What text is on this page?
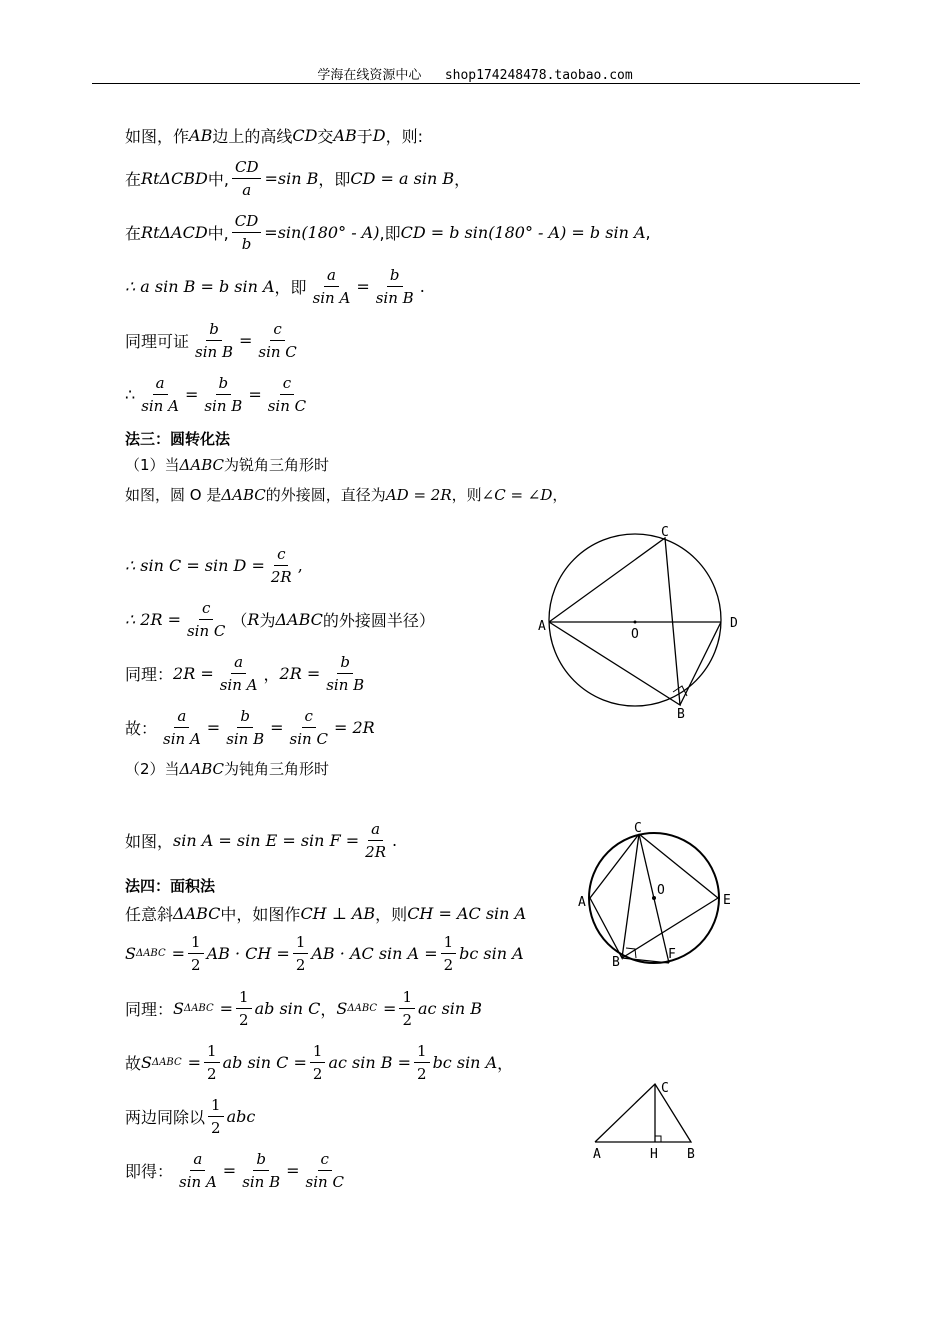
学海在线资源中心 shop174248478.taobao.com
如图，作 AB 边上的高线 CD 交 AB 于 D ，则:
在 RtΔCBD 中, $\frac{CD}{a} =\sin$ B ，即 CD = a sin B ，
在 RtΔACD 中, $\frac{CD}{b} =\sin(180^\circ - A)$ ,即 CD = b sin(180° - A) = b sin A ,
∴ a sin B = b sin A ，即 $\frac{a}{\text{sin A}} = \frac{b}{\text{sin B}}$ .
同理可证 $\frac{b}{\text{sin B}} = \frac{c}{\text{sin C}}$
∴ $\frac{a}{\text{sin A}} = \frac{b}{\text{sin B}} = \frac{c}{\text{sin C}}$
法三：圆转化法
（1）当 ΔABC 为锐角三角形时
如图，圆 O 是 ΔABC 的外接圆，直径为 AD = 2R ，则 ∠C = ∠D ，
∴ $\sin C = \sin D = \frac{c}{2R}$ ,
∴ $2R = \frac{c}{\text{sin C}}$ （ R 为 ΔABC 的外接圆半径）
同理： $2R = \frac{a}{\text{sin A}}$ ， $2R = \frac{b}{\text{sin B}}$
故： $\frac{a}{\text{sin A}} = \frac{b}{\text{sin B}} = \frac{c}{\text{sin C}} = 2R$
（2）当 ΔABC 为钝角三角形时
如图， $\sin A = \sin E = \sin F = \frac{a}{2R}$ .
法四：面积法
任意斜 ΔABC 中，如图作 CH ⊥ AB ，则 CH = AC sin A
S $\Delta ABC = \frac{1}{2}$ AB · CH = $\frac{1}{2}$ AB · AC $\sin A = \frac{1}{2}$ bc sin A
同理： S $\Delta ABC = \frac{1}{2}$ ab sin C ， S $\Delta ABC = \frac{1}{2}$ ac sin B
故 S $\Delta ABC = \frac{1}{2}$ ab $\sin C = \frac{1}{2}$ ac $\sin B = \frac{1}{2}$ bc sin A ，
两边同除以 $\frac{1}{2}$ abc
即得： $\frac{a}{\text{sin A}} = \frac{b}{\text{sin B}} = \frac{c}{\text{sin C}}$
C
A
O
D
B
C
O
A	E
B
F
C
A	H B
